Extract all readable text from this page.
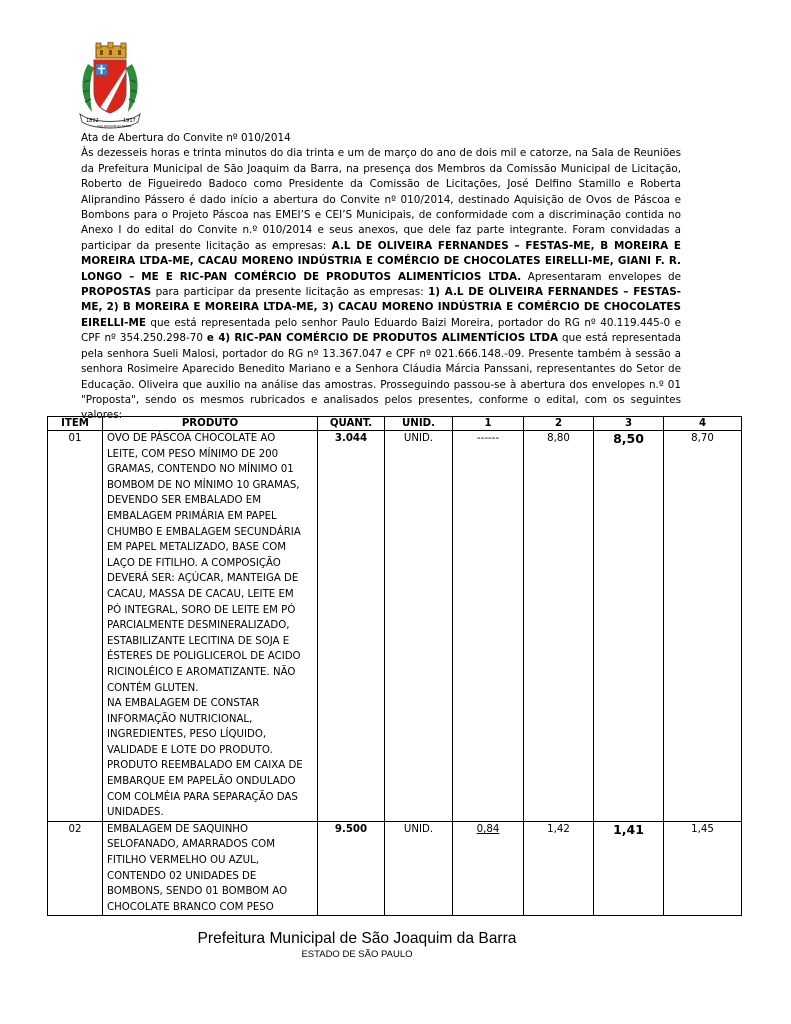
1892	1917
SÃO JOAQUIM DA BARRA

Ata de Abertura do Convite nº 010/2014

Às dezesseis horas e trinta minutos do dia trinta e um de março do ano de dois mil e catorze, na Sala de Reuniões da Prefeitura Municipal de São Joaquim da Barra, na presença dos Membros da Comissão Municipal de Licitação, Roberto de Figueiredo Badoco como Presidente da Comissão de Licitações, José Delfino Stamillo e Roberta Aliprandino Pássero é dado início a abertura do Convite nº 010/2014, destinado Aquisição de Ovos de Páscoa e Bombons para o Projeto Páscoa nas EMEI’S e CEI’S Municipais, de conformidade com a discriminação contida no Anexo I do edital do Convite n.º 010/2014 e seus anexos, que dele faz parte integrante. Foram convidadas a participar da presente licitação as empresas: A.L DE OLIVEIRA FERNANDES – FESTAS-ME, B MOREIRA E MOREIRA LTDA-ME, CACAU MORENO INDÚSTRIA E COMÉRCIO DE CHOCOLATES EIRELLI-ME, GIANI F. R. LONGO – ME E RIC-PAN COMÉRCIO DE PRODUTOS ALIMENTÍCIOS LTDA. Apresentaram envelopes de PROPOSTAS para participar da presente licitação as empresas: 1) A.L DE OLIVEIRA FERNANDES – FESTAS-ME, 2) B MOREIRA E MOREIRA LTDA-ME, 3) CACAU MORENO INDÚSTRIA E COMÉRCIO DE CHOCOLATES EIRELLI-ME que está representada pelo senhor Paulo Eduardo Baizi Moreira, portador do RG nº 40.119.445-0 e CPF nº 354.250.298-70 e 4) RIC-PAN COMÉRCIO DE PRODUTOS ALIMENTÍCIOS LTDA que está representada pela senhora Sueli Malosi, portador do RG nº 13.367.047 e CPF nº 021.666.148.-09. Presente também à sessão a senhora Rosimeire Aparecido Benedito Mariano e a Senhora Cláudia Márcia Panssani, representantes do Setor de Educação. Oliveira que auxilio na análise das amostras. Prosseguindo passou-se à abertura dos envelopes n.º 01 "Proposta", sendo os mesmos rubricados e analisados pelos presentes, conforme o edital, com os seguintes valores:

ITEM	PRODUTO	QUANT.	UNID.	1	2	3	4
01	OVO DE PÁSCOA CHOCOLATE AO LEITE, COM PESO MÍNIMO DE 200 GRAMAS, CONTENDO NO MÍNIMO 01 BOMBOM DE NO MÍNIMO 10 GRAMAS, DEVENDO SER EMBALADO EM EMBALAGEM PRIMÁRIA EM PAPEL CHUMBO E EMBALAGEM SECUNDÁRIA EM PAPEL METALIZADO, BASE COM LAÇO DE FITILHO. A COMPOSIÇÃO DEVERÁ SER: AÇÚCAR, MANTEIGA DE CACAU, MASSA DE CACAU, LEITE EM PÓ INTEGRAL, SORO DE LEITE EM PÓ PARCIALMENTE DESMINERALIZADO, ESTABILIZANTE LECITINA DE SOJA E ÉSTERES DE POLIGLICEROL DE ACIDO RICINOLÉICO E AROMATIZANTE. NÃO CONTÉM GLUTEN.
NA EMBALAGEM DE CONSTAR INFORMAÇÃO NUTRICIONAL, INGREDIENTES, PESO LÍQUIDO, VALIDADE E LOTE DO PRODUTO. PRODUTO REEMBALADO EM CAIXA DE EMBARQUE EM PAPELÃO ONDULADO COM COLMÉIA PARA SEPARAÇÃO DAS UNIDADES.	3.044	UNID.	------	8,80	8,50	8,70
02	EMBALAGEM DE SAQUINHO SELOFANADO, AMARRADOS COM FITILHO VERMELHO OU AZUL, CONTENDO 02 UNIDADES DE BOMBONS, SENDO 01 BOMBOM AO CHOCOLATE BRANCO COM PESO	9.500	UNID.	0,84	1,42	1,41	1,45
Prefeitura Municipal de São Joaquim da Barra
ESTADO DE SÃO PAULO
